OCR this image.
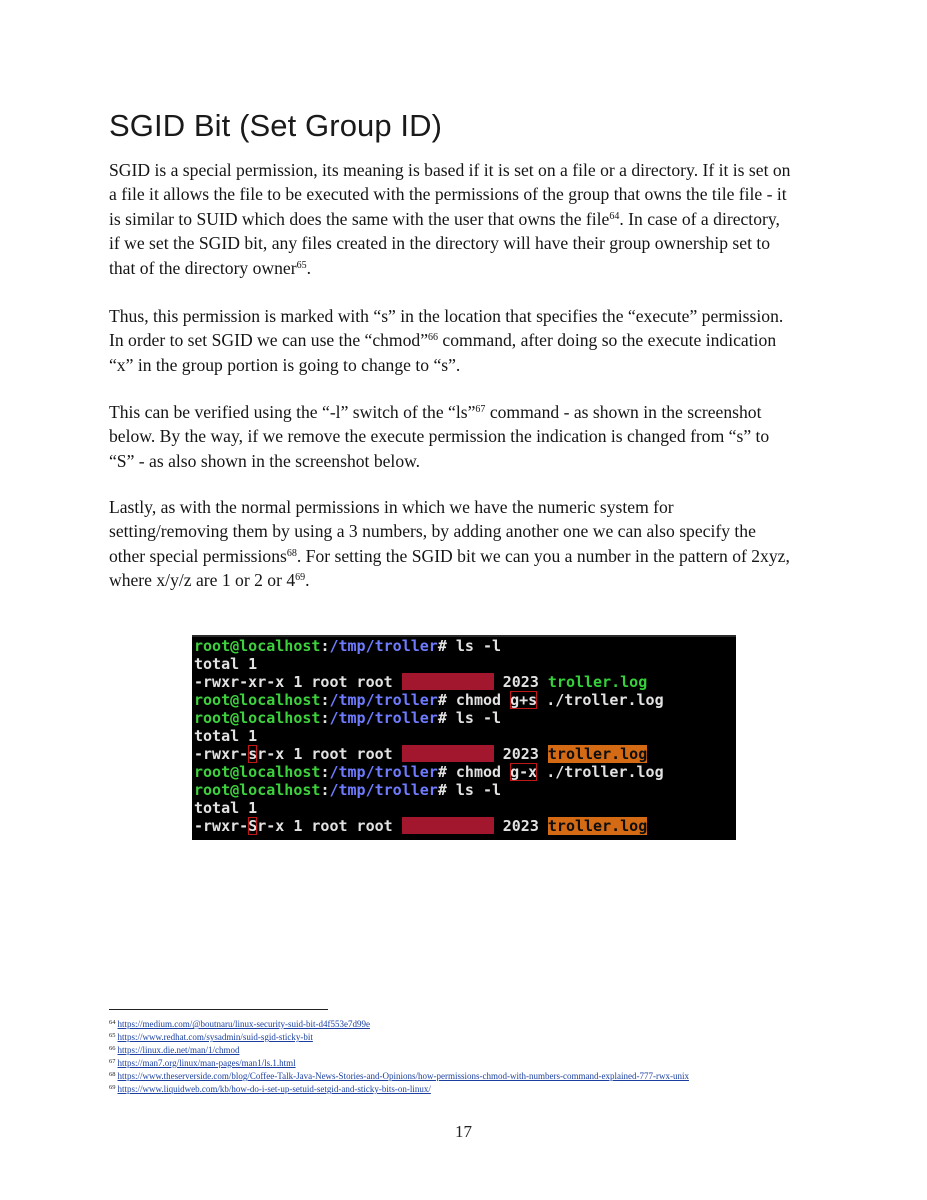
SGID Bit (Set Group ID)
SGID is a special permission, its meaning is based if it is set on a file or a directory. If it is set on
a file it allows the file to be executed with the permissions of the group that owns the tile file - it
is similar to SUID which does the same with the user that owns the file$^{64}$. In case of a directory,
if we set the SGID bit, any files created in the directory will have their group ownership set to
that of the directory owner$^{65}$.
Thus, this permission is marked with “s” in the location that specifies the “execute” permission.
In order to set SGID we can use the “chmod”$^{66}$ command, after doing so the execute indication
“x” in the group portion is going to change to “s”.
This can be verified using the “-l” switch of the “ls”$^{67}$ command - as shown in the screenshot
below. By the way, if we remove the execute permission the indication is changed from “s” to
“S” - as also shown in the screenshot below.
Lastly, as with the normal permissions in which we have the numeric system for
setting/removing them by using a 3 numbers, by adding another one we can also specify the
other special permissions$^{68}$. For setting the SGID bit we can you a number in the pattern of 2xyz,
where x/y/z are 1 or 2 or $4^{69}$.
root@localhost:/tmp/troller# ls -l
total 1
-rwxr-xr-x 1 root root	2023 troller.log
root@localhost:/tmp/troller# chmod g+s ./troller.log
root@localhost:/tmp/troller# ls -l
total 1
-rwxr-sr-x 1 root root	2023 troller.log
root@localhost:/tmp/troller# chmod g-x ./troller.log
root@localhost:/tmp/troller# ls -l
total 1
-rwxr-Sr-x 1 root root	2023 troller.log
$^{64}$ https://medium.com/@boutnaru/linux-security-suid-bit-d4f553e7d99e
$^{65}$ https://www.redhat.com/sysadmin/suid-sgid-sticky-bit
$^{66}$ https://linux.die.net/man/1/chmod
$^{67}$ https://man7.org/linux/man-pages/man1/ls.1.html
$^{68}$ https://www.theserverside.com/blog/Coffee-Talk-Java-News-Stories-and-Opinions/how-permissions-chmod-with-numbers-command-explained-777-rwx-unix
$^{69}$ https://www.liquidweb.com/kb/how-do-i-set-up-setuid-setgid-and-sticky-bits-on-linux/
17
